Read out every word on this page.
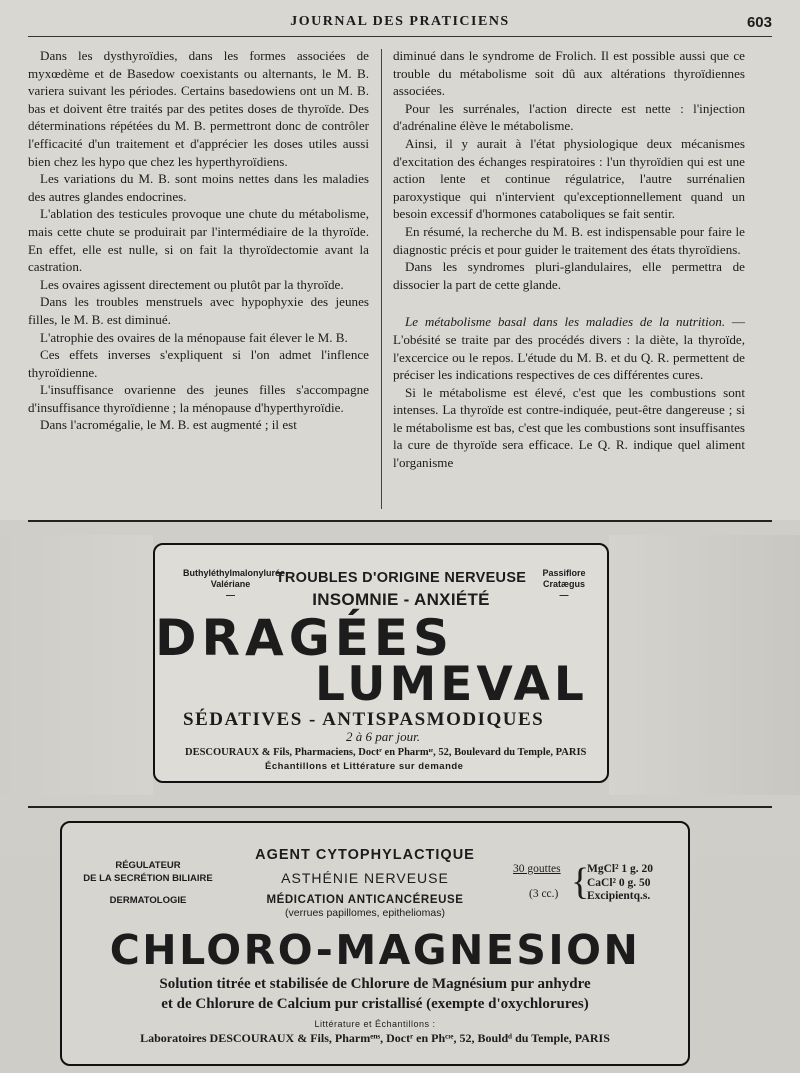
JOURNAL DES PRATICIENS	603

Dans les dysthyroïdies, dans les formes associées de myxœdème et de Basedow coexistants ou alternants, le M. B. variera suivant les périodes. Certains basedowiens ont un M. B. bas et doivent être traités par des petites doses de thyroïde. Des déterminations répétées du M. B. permettront donc de contrôler l'efficacité d'un traitement et d'apprécier les doses utiles aussi bien chez les hypo que chez les hyperthyroïdiens.

Les variations du M. B. sont moins nettes dans les maladies des autres glandes endocrines.

L'ablation des testicules provoque une chute du métabolisme, mais cette chute se produirait par l'intermédiaire de la thyroïde. En effet, elle est nulle, si on fait la thyroïdectomie avant la castration.

Les ovaires agissent directement ou plutôt par la thyroïde.

Dans les troubles menstruels avec hypophyxie des jeunes filles, le M. B. est diminué.

L'atrophie des ovaires de la ménopause fait élever le M. B.

Ces effets inverses s'expliquent si l'on admet l'inflence thyroïdienne.

L'insuffisance ovarienne des jeunes filles s'accompagne d'insuffisance thyroïdienne ; la ménopause d'hyperthyroïdie.

Dans l'acromégalie, le M. B. est augmenté ; il est

diminué dans le syndrome de Frolich. Il est possible aussi que ce trouble du métabolisme soit dû aux altérations thyroïdiennes associées.

Pour les surrénales, l'action directe est nette : l'injection d'adrénaline élève le métabolisme.

Ainsi, il y aurait à l'état physiologique deux mécanismes d'excitation des échanges respiratoires : l'un thyroïdien qui est une action lente et continue régulatrice, l'autre surrénalien paroxystique qui n'intervient qu'exceptionnellement quand un besoin excessif d'hormones cataboliques se fait sentir.

En résumé, la recherche du M. B. est indispensable pour faire le diagnostic précis et pour guider le traitement des états thyroïdiens.

Dans les syndromes pluri-glandulaires, elle permettra de dissocier la part de cette glande.

Le métabolisme basal dans les maladies de la nutrition. — L'obésité se traite par des procédés divers : la diète, la thyroïde, l'excercice ou le repos. L'étude du M. B. et du Q. R. permettent de préciser les indications respectives de ces différentes cures.

Si le métabolisme est élevé, c'est que les combustions sont intenses. La thyroïde est contre-indiquée, peut-être dangereuse ; si le métabolisme est bas, c'est que les combustions sont insuffisantes la cure de thyroïde sera efficace. Le Q. R. indique quel aliment l'organisme

Buthyléthylmalonylurée
Valériane
—
Passiflore
Cratægus
—
TROUBLES D'ORIGINE NERVEUSE
INSOMNIE - ANXIÉTÉ
DRAGÉES
LUMEVAL
SÉDATIVES - ANTISPASMODIQUES
2 à 6 par jour.
DESCOURAUX & Fils, Pharmaciens, Doctʳ en Pharmᶦᵉ, 52, Boulevard du Temple, PARIS
Échantillons et Littérature sur demande
RÉGULATEUR
DE LA SECRÉTION BILIAIRE
DERMATOLOGIE
AGENT CYTOPHYLACTIQUE
ASTHÉNIE NERVEUSE
MÉDICATION ANTICANCÉREUSE
(verrues papillomes, epitheliomas)
30 gouttes
(3 cc.) {
MgCl² 1 g. 20
CaCl² 0 g. 50
Excipientq.s.
CHLORO-MAGNESION
Solution titrée et stabilisée de Chlorure de Magnésium pur anhydre
et de Chlorure de Calcium pur cristallisé (exempte d'oxychlorures)
Littérature et Échantillons :
Laboratoires DESCOURAUX & Fils, Pharmᵉⁿˢ, Doctʳ en Phᶜᶦᵉ, 52, Bouldᵈ du Temple, PARIS
